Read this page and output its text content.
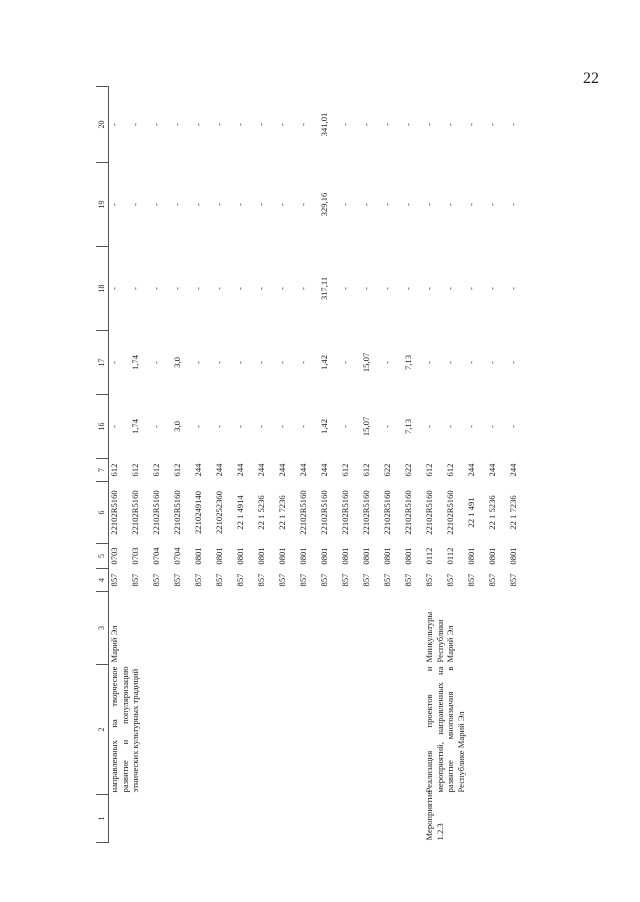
22
1	2	3	4	5	6	7	16	17	18	19	20
	направленных на творческое развитие и популяризацию этнических культурных традиций	Марий Эл	857	0703	22102R5160	612	-	-	-	-	-
			857	0703	22102R5160	612	1,74	1,74	-	-	-
			857	0704	22102R5160	612	-	-	-	-	-
			857	0704	22102R5160	612	3,0	3,0	-	-	-
			857	0801	2210249140	244	-	-	-	-	-
			857	0801	2210252360	244	-	-	-	-	-
			857	0801	22 1 4914	244	-	-	-	-	-
			857	0801	22 1 5236	244	-	-	-	-	-
			857	0801	22 1 7236	244	-	-	-	-	-
			857	0801	22102R5160	244	-	-	-	-	-
			857	0801	22102R5160	244	1,42	1,42	317,11	329,16	341,01
			857	0801	22102R5160	612	-	-	-	-	-
			857	0801	22102R5160	612	15,07	15,07	-	-	-
			857	0801	22102R5160	622	-	-	-	-	-
			857	0801	22102R5160	622	7,13	7,13	-	-	-
Мероприятие 1.2.3	Реализация проектов и мероприятий, направленных на развитие многоязычия в Республике Марий Эл	Минкультуры Республики Марий Эл	857	0112	22102R5160	612	-	-	-	-	-
			857	0112	22102R5160	612	-	-	-	-	-
			857	0801	22 1 491	244	-	-	-	-	-
			857	0801	22 1 5236	244	-	-	-	-	-
			857	0801	22 1 7236	244	-	-	-	-	-
